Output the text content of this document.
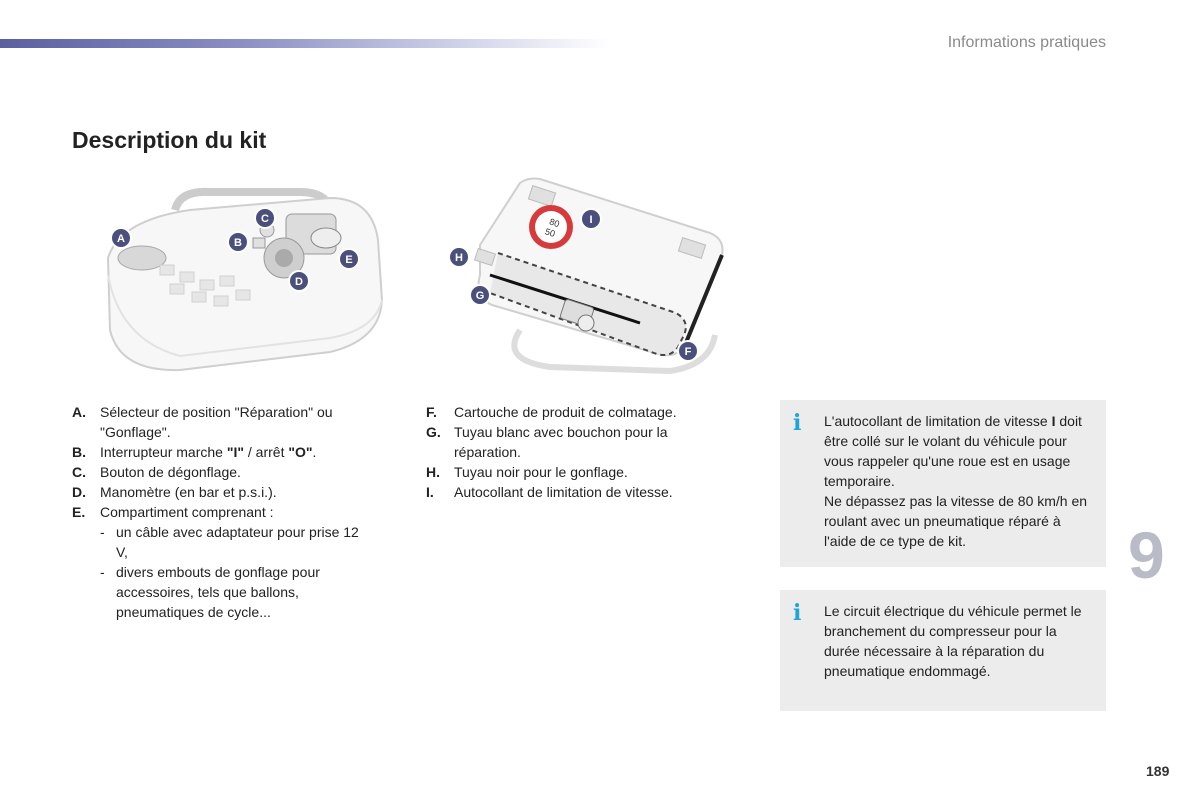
Informations pratiques
Description du kit
A	B
C
D
E
80
50
H
G
I
F
A.	Sélecteur de position "Réparation" ou "Gonflage".
B.	Interrupteur marche "I" / arrêt "O".
C.	Bouton de dégonflage.
D.	Manomètre (en bar et p.s.i.).
E.	Compartiment comprenant :
- un câble avec adaptateur pour prise 12 V,
- divers embouts de gonflage pour accessoires, tels que ballons, pneumatiques de cycle...
F.	Cartouche de produit de colmatage.
G. Tuyau blanc avec bouchon pour la réparation.
H.	Tuyau noir pour le gonflage.
I.	Autocollant de limitation de vitesse.
i L'autocollant de limitation de vitesse I doit être collé sur le volant du véhicule pour vous rappeler qu'une roue est en usage temporaire.

Ne dépassez pas la vitesse de 80 km/h en roulant avec un pneumatique réparé à l'aide de ce type de kit.

i Le circuit électrique du véhicule permet le branchement du compresseur pour la durée nécessaire à la réparation du pneumatique endommagé.

9
189
